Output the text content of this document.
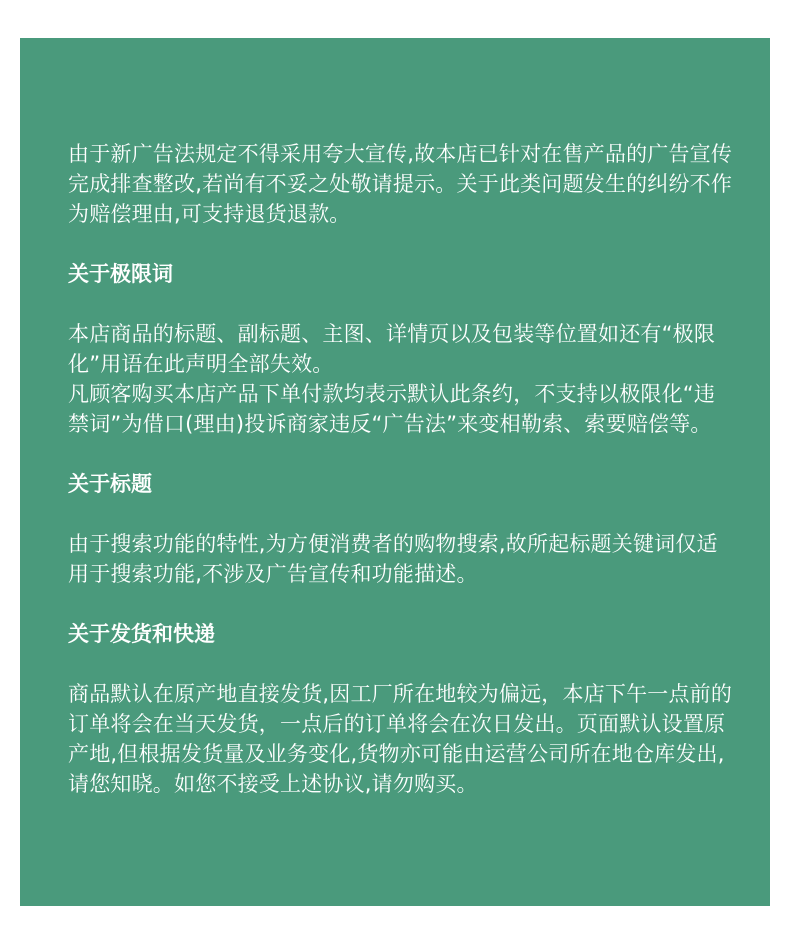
由于新广告法规定不得采用夸大宣传,故本店已针对在售产品的广告宣传完成排查整改,若尚有不妥之处敬请提示。关于此类问题发生的纠纷不作为赔偿理由,可支持退货退款。

关于极限词

本店商品的标题、副标题、主图、详情页以及包装等位置如还有“极限化”用语在此声明全部失效。

凡顾客购买本店产品下单付款均表示默认此条约，不支持以极限化“违禁词”为借口(理由)投诉商家违反“广告法”来变相勒索、索要赔偿等。

关于标题

由于搜索功能的特性,为方便消费者的购物搜索,故所起标题关键词仅适用于搜索功能,不涉及广告宣传和功能描述。

关于发货和快递

商品默认在原产地直接发货,因工厂所在地较为偏远，本店下午一点前的订单将会在当天发货，一点后的订单将会在次日发出。页面默认设置原产地,但根据发货量及业务变化,货物亦可能由运营公司所在地仓库发出,请您知晓。如您不接受上述协议,请勿购买。
